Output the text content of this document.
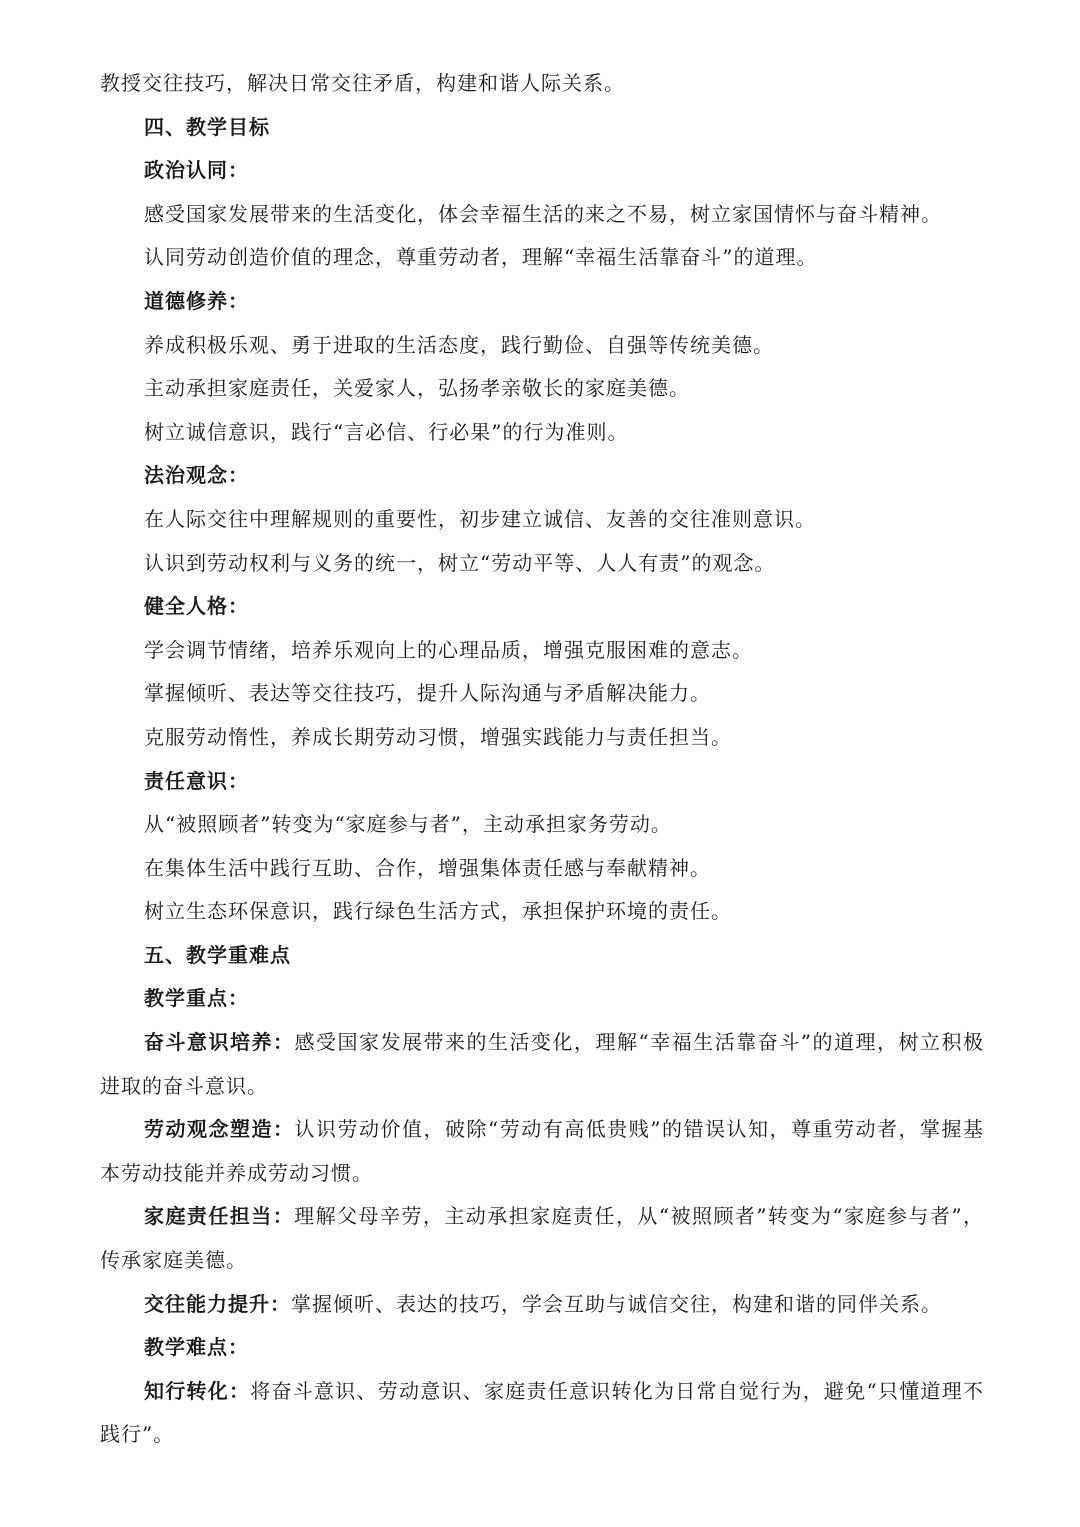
教授交往技巧，解决日常交往矛盾，构建和谐人际关系。
四、教学目标
政治认同：
感受国家发展带来的生活变化，体会幸福生活的来之不易，树立家国情怀与奋斗精神。
认同劳动创造价值的理念，尊重劳动者，理解“幸福生活靠奋斗”的道理。
道德修养：
养成积极乐观、勇于进取的生活态度，践行勤俭、自强等传统美德。
主动承担家庭责任，关爱家人，弘扬孝亲敬长的家庭美德。
树立诚信意识，践行“言必信、行必果”的行为准则。
法治观念：
在人际交往中理解规则的重要性，初步建立诚信、友善的交往准则意识。
认识到劳动权利与义务的统一，树立“劳动平等、人人有责”的观念。
健全人格：
学会调节情绪，培养乐观向上的心理品质，增强克服困难的意志。
掌握倾听、表达等交往技巧，提升人际沟通与矛盾解决能力。
克服劳动惰性，养成长期劳动习惯，增强实践能力与责任担当。
责任意识：
从“被照顾者”转变为“家庭参与者”，主动承担家务劳动。
在集体生活中践行互助、合作，增强集体责任感与奉献精神。
树立生态环保意识，践行绿色生活方式，承担保护环境的责任。
五、教学重难点
教学重点：
奋斗意识培养：感受国家发展带来的生活变化，理解“幸福生活靠奋斗”的道理，树立积极进取的奋斗意识。
劳动观念塑造：认识劳动价值，破除“劳动有高低贵贱”的错误认知，尊重劳动者，掌握基本劳动技能并养成劳动习惯。
家庭责任担当：理解父母辛劳，主动承担家庭责任，从“被照顾者”转变为“家庭参与者”，传承家庭美德。
交往能力提升：掌握倾听、表达的技巧，学会互助与诚信交往，构建和谐的同伴关系。
教学难点：
知行转化：将奋斗意识、劳动意识、家庭责任意识转化为日常自觉行为，避免“只懂道理不践行”。
